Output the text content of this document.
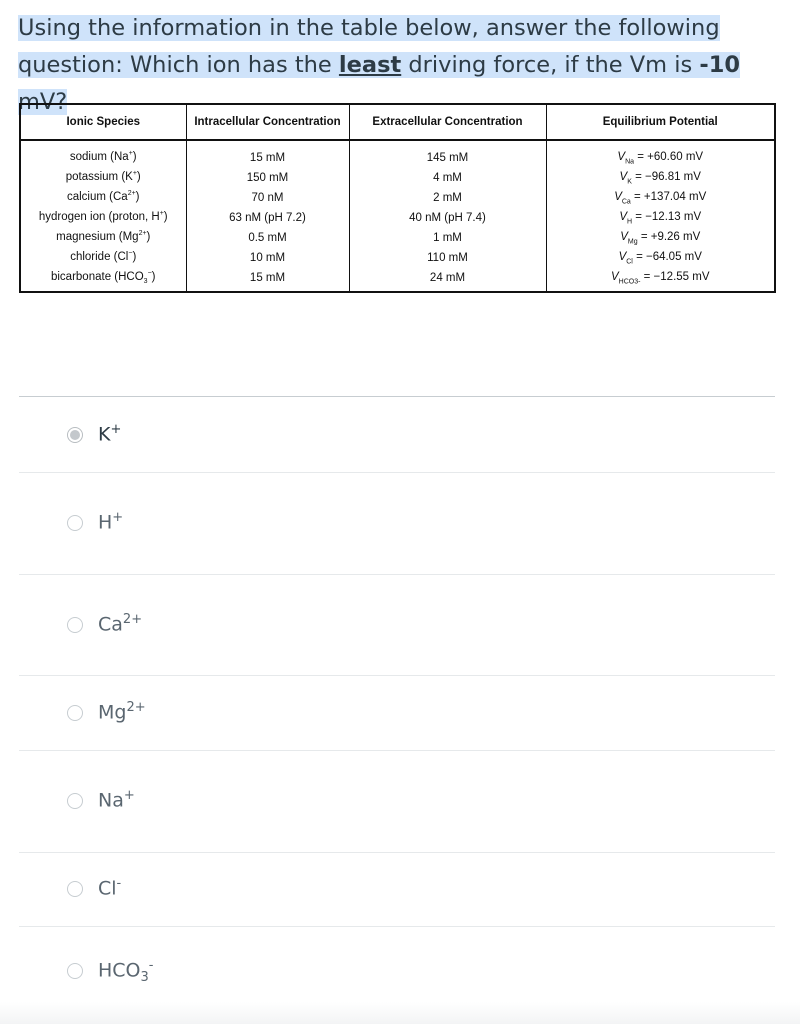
Using the information in the table below, answer the following question: Which ion has the least driving force, if the Vm is -10 mV?

Ionic Species	Intracellular Concentration	Extracellular Concentration	Equilibrium Potential
sodium (Na+)	15 mM	145 mM	$V_{Na} = +60.60$ mV
potassium (K+)	150 mM	4 mM	$V_K = -96.81$ mV
calcium $(Ca^{2+})$	70 nM	2 mM	$V_{Ca} = +137.04$ mV
hydrogen ion (proton, H+)	63 nM (pH 7.2)	40 nM (pH 7.4)	$V_H = -12.13$ mV
magnesium $(Mg^{2+})$	0.5 mM	1 mM	$V_{Mg} = +9.26$ mV
chloride (Cl−)	10 mM	110 mM	$V_{Cl} = -64.05$ mV
bicarbonate $(HCO_3^-)$	15 mM	24 mM	$V_{HCO3-} = -12.55$ mV
K+
H+
$Ca^{2+}$
$Mg^{2+}$
Na+
Cl-
$HCO_3^-$
